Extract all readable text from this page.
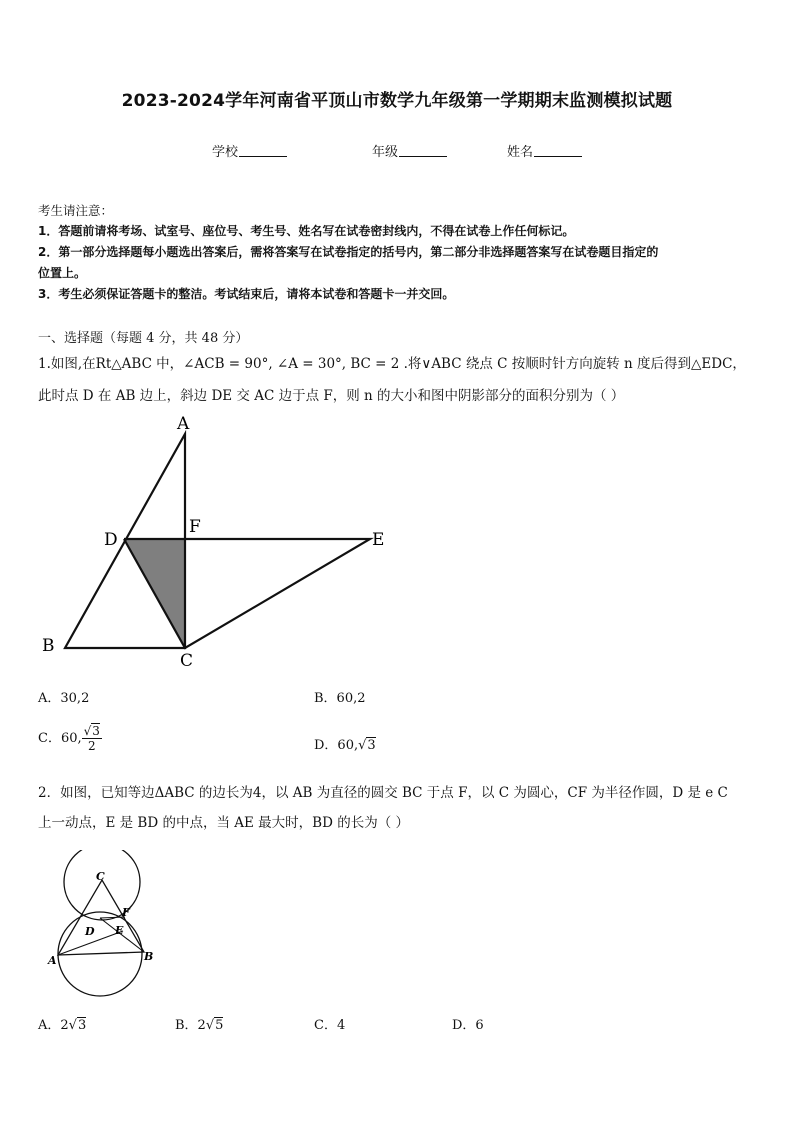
2023-2024学年河南省平顶山市数学九年级第一学期期末监测模拟试题
学校	年级	姓名
考生请注意：
1．答题前请将考场、试室号、座位号、考生号、姓名写在试卷密封线内，不得在试卷上作任何标记。
2．第一部分选择题每小题选出答案后，需将答案写在试卷指定的括号内，第二部分非选择题答案写在试卷题目指定的
位置上。
3．考生必须保证答题卡的整洁。考试结束后，请将本试卷和答题卡一并交回。
一、选择题（每题 4 分，共 48 分）
1.如图,在Rt△ABC 中，∠ACB = 90°, ∠A = 30°, BC = 2 .将∨ABC 绕点 C 按顺时针方向旋转 n 度后得到△EDC，
此时点 D 在 AB 边上，斜边 DE 交 AC 边于点 F，则 n 的大小和图中阴影部分的面积分别为（ ）
A
B
C
D	E
F
A．30,2	B．60,2
C．60, $\frac{√3}{2}$	D．60,√3
2．如图，已知等边ΔABC 的边长为4，以 AB 为直径的圆交 BC 于点 F，以 C 为圆心，CF 为半径作圆，D 是 e C
上一动点，E 是 BD 的中点，当 AE 最大时，BD 的长为（ ）
C
A	B
D E
F
A．2√3	B．2√5	C．4	D．6
